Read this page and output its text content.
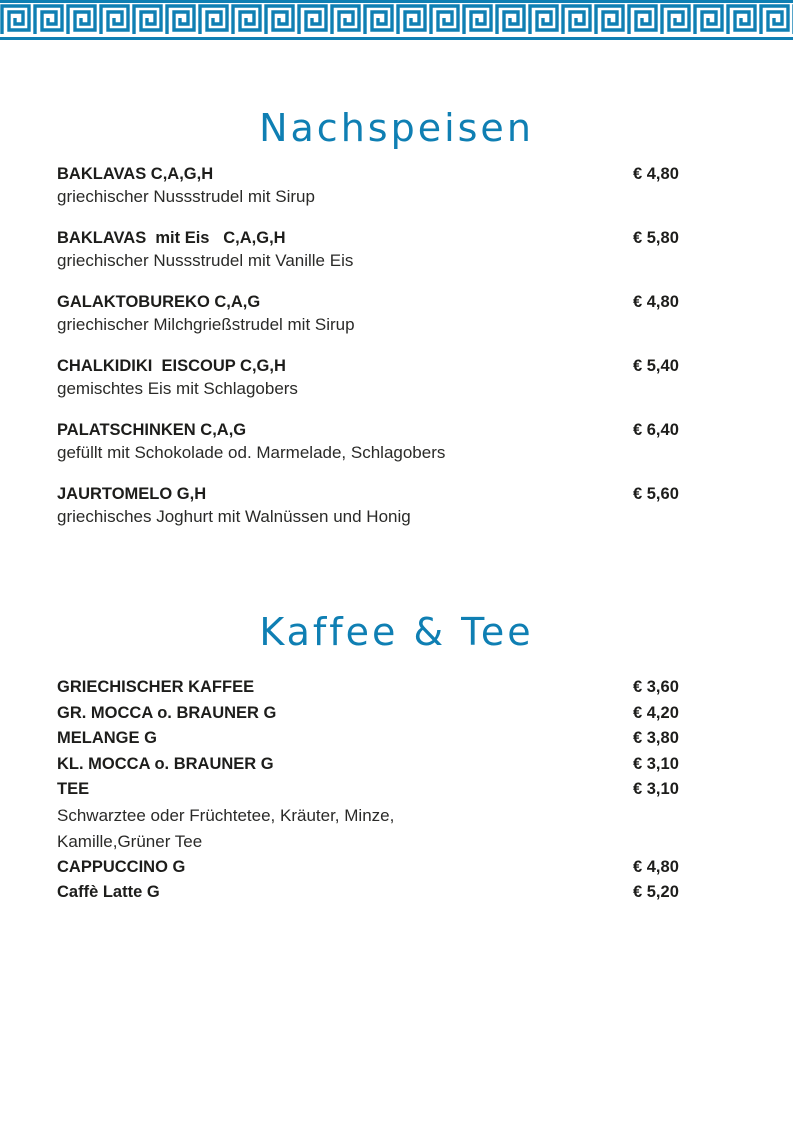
Nachspeisen
BAKLAVAS C,A,G,H	€ 4,80
griechischer Nussstrudel mit Sirup
BAKLAVAS  mit Eis   C,A,G,H	€ 5,80
griechischer Nussstrudel mit Vanille Eis
GALAKTOBUREKO C,A,G	€ 4,80
griechischer Milchgrießstrudel mit Sirup
CHALKIDIKI  EISCOUP C,G,H	€ 5,40
gemischtes Eis mit Schlagobers
PALATSCHINKEN C,A,G	€ 6,40
gefüllt mit Schokolade od. Marmelade, Schlagobers
JAURTOMELO G,H	€ 5,60
griechisches Joghurt mit Walnüssen und Honig
Kaffee & Tee
GRIECHISCHER KAFFEE	€ 3,60
GR. MOCCA o. BRAUNER G	€ 4,20
MELANGE G	€ 3,80
KL. MOCCA o. BRAUNER G	€ 3,10
TEE	€ 3,10
Schwarztee oder Früchtetee, Kräuter, Minze,
Kamille,Grüner Tee
CAPPUCCINO G	€ 4,80
Caffè Latte G	€ 5,20
